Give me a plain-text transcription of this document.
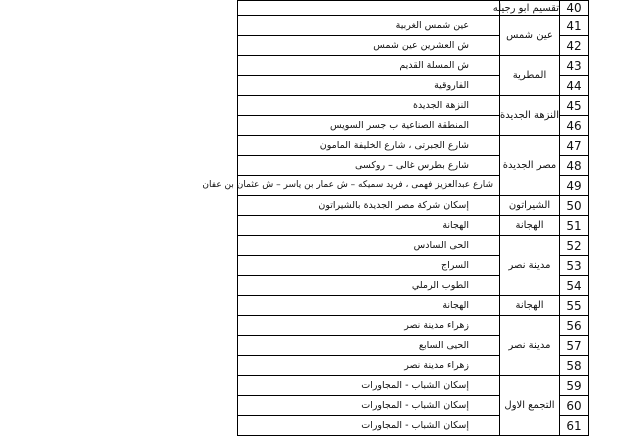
	تقسيم ابو رجيله	40
عين شمس الغربية	عين شمس	41
ش العشرين عين شمس		42
ش المسلة القديم	المطرية	43
الفاروقية		44
النزهة الجديدة	النزهة الجديدة	45
المنطقة الصناعية ب جسر السويس		46
شارع الجبرتى ، شارع الخليفة المامون	مصر الجديدة	47
شارع بطرس غالى – روكسى		48
شارع عبدالعزيز فهمى ، فريد سميكه – ش عمار بن ياسر – ش عثمان بن عفان		49
إسكان شركة مصر الجديدة بالشيراتون	الشيراتون	50
الهجانة	الهجانة	51
الحى السادس	مدينة نصر	52
السراج		53
الطوب الرملي		54
الهجانة	الهجانة	55
زهراء مدينة نصر	مدينة نصر	56
الحيى السابع		57
زهراء مدينة نصر		58
إسكان الشباب - المجاورات	التجمع الاول	59
إسكان الشباب - المجاورات		60
إسكان الشباب - المجاورات		61
